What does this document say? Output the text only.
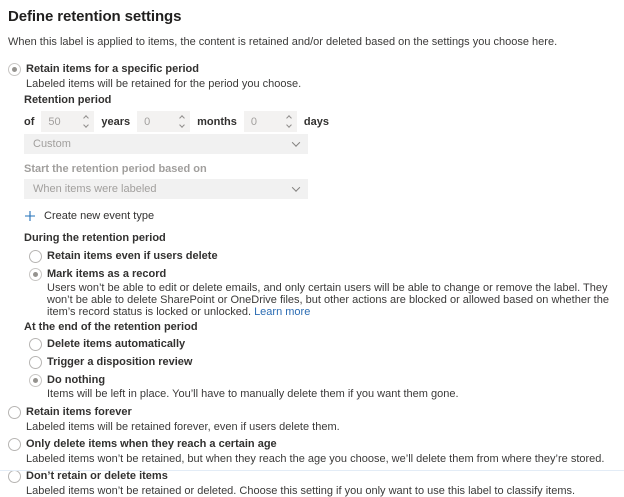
Define retention settings
When this label is applied to items, the content is retained and/or deleted based on the settings you choose here.
Retain items for a specific period
Labeled items will be retained for the period you choose.
Retention period
of
50	years
0	months
0	days
Custom
Start the retention period based on
When items were labeled
Create new event type
During the retention period
Retain items even if users delete
Mark items as a record
Users won’t be able to edit or delete emails, and only certain users will be able to change or remove the label. They won’t be able to delete SharePoint or OneDrive files, but other actions are blocked or allowed based on whether the item’s record status is locked or unlocked. Learn more
At the end of the retention period
Delete items automatically
Trigger a disposition review
Do nothing
Items will be left in place. You’ll have to manually delete them if you want them gone.
Retain items forever
Labeled items will be retained forever, even if users delete them.
Only delete items when they reach a certain age
Labeled items won’t be retained, but when they reach the age you choose, we’ll delete them from where they’re stored.
Don’t retain or delete items
Labeled items won’t be retained or deleted. Choose this setting if you only want to use this label to classify items.
